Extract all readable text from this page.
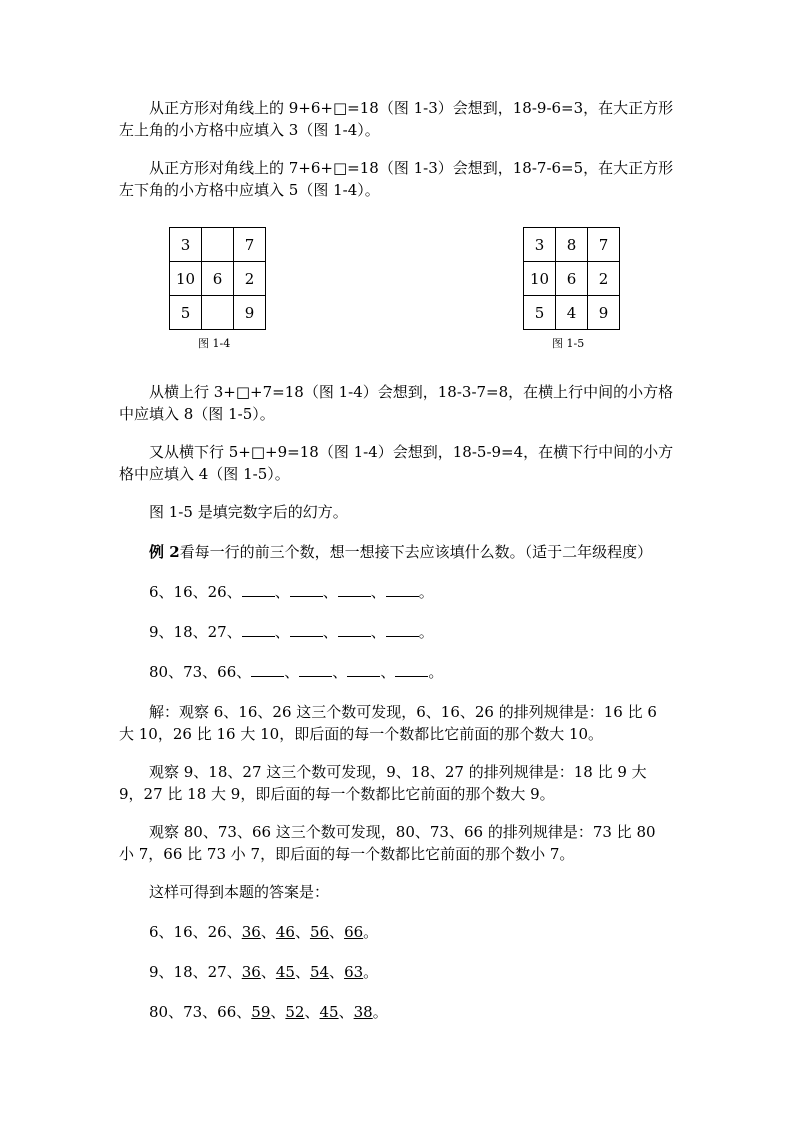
从正方形对角线上的 9+6+□=18（图 1-3）会想到，18-9-6=3，在大正方形左上角的小方格中应填入 3（图 1-4）。

从正方形对角线上的 7+6+□=18（图 1-3）会想到，18-7-6=5，在大正方形左下角的小方格中应填入 5（图 1-4）。

3		7
10	6	2
5		9
图 1-4
3	8	7
10	6	2
5	4	9
图 1-5

从横上行 3+□+7=18（图 1-4）会想到，18-3-7=8，在横上行中间的小方格中应填入 8（图 1-5）。

又从横下行 5+□+9=18（图 1-4）会想到，18-5-9=4，在横下行中间的小方格中应填入 4（图 1-5）。

图 1-5 是填完数字后的幻方。

例 2看每一行的前三个数，想一想接下去应该填什么数。（适于二年级程度）

6、16、26、 、 、 、 。

9、18、27、 、 、 、 。

80、73、66、 、 、 、 。

解：观察 6、16、26 这三个数可发现，6、16、26 的排列规律是：16 比 6 大 10，26 比 16 大 10，即后面的每一个数都比它前面的那个数大 10。

观察 9、18、27 这三个数可发现，9、18、27 的排列规律是：18 比 9 大 9，27 比 18 大 9，即后面的每一个数都比它前面的那个数大 9。

观察 80、73、66 这三个数可发现，80、73、66 的排列规律是：73 比 80 小 7，66 比 73 小 7，即后面的每一个数都比它前面的那个数小 7。

这样可得到本题的答案是：

6、16、26、36、46、56、66。

9、18、27、36、45、54、63。

80、73、66、59、52、45、38。
